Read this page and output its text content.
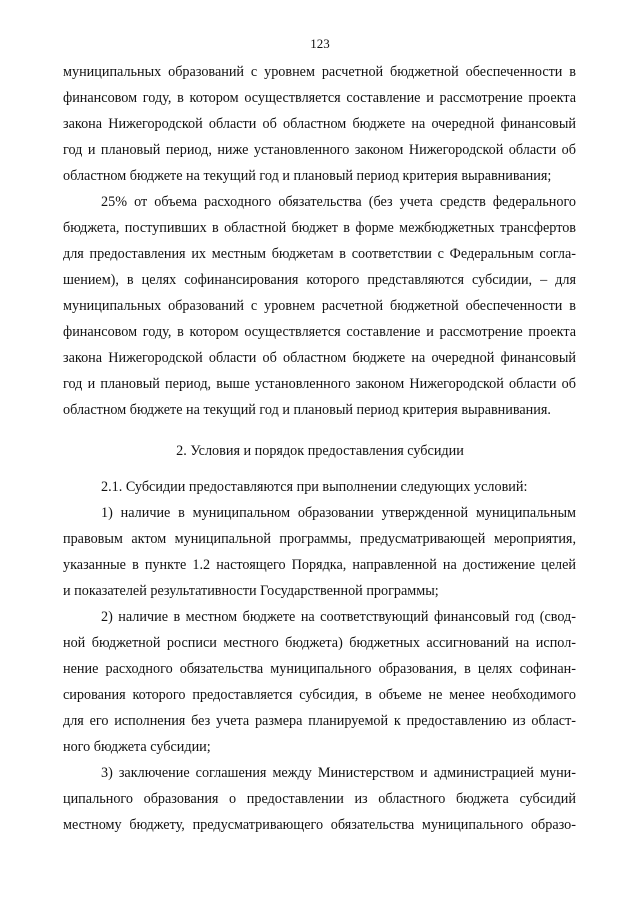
123
муниципальных образований с уровнем расчетной бюджетной обеспеченности в
финансовом году, в котором осуществляется составление и рассмотрение проекта
закона Нижегородской области об областном бюджете на очередной финансовый
год и плановый период, ниже установленного законом Нижегородской области об
областном бюджете на текущий год и плановый период критерия выравнивания;
25% от объема расходного обязательства (без учета средств федерального
бюджета, поступивших в областной бюджет в форме межбюджетных трансфертов
для предоставления их местным бюджетам в соответствии с Федеральным согла-
шением), в целях софинансирования которого представляются субсидии, – для
муниципальных образований с уровнем расчетной бюджетной обеспеченности в
финансовом году, в котором осуществляется составление и рассмотрение проекта
закона Нижегородской области об областном бюджете на очередной финансовый
год и плановый период, выше установленного законом Нижегородской области об
областном бюджете на текущий год и плановый период критерия выравнивания.
2. Условия и порядок предоставления субсидии
2.1. Субсидии предоставляются при выполнении следующих условий:
1) наличие в муниципальном образовании утвержденной муниципальным
правовым актом муниципальной программы, предусматривающей мероприятия,
указанные в пункте 1.2 настоящего Порядка, направленной на достижение целей
и показателей результативности Государственной программы;
2) наличие в местном бюджете на соответствующий финансовый год (свод-
ной бюджетной росписи местного бюджета) бюджетных ассигнований на испол-
нение расходного обязательства муниципального образования, в целях софинан-
сирования которого предоставляется субсидия, в объеме не менее необходимого
для его исполнения без учета размера планируемой к предоставлению из област-
ного бюджета субсидии;
3) заключение соглашения между Министерством и администрацией муни-
ципального образования о предоставлении из областного бюджета субсидий
местному бюджету, предусматривающего обязательства муниципального образо-
